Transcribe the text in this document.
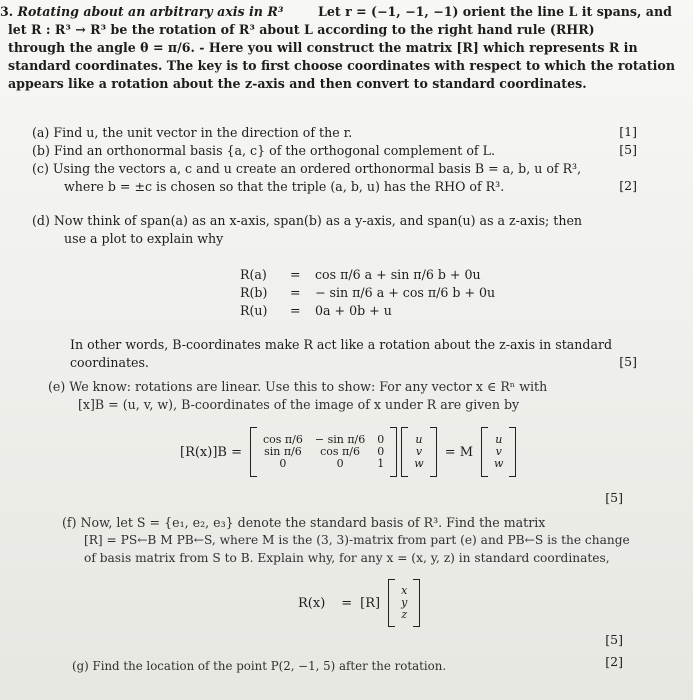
3. Rotating about an arbitrary axis in R³	Let r = (−1, −1, −1) orient the line L it spans, and
let R : R³ → R³ be the rotation of R³ about L according to the right hand rule (RHR)
through the angle θ = π/6. - Here you will construct the matrix [R] which represents R in
standard coordinates. The key is to first choose coordinates with respect to which the rotation
appears like a rotation about the z-axis and then convert to standard coordinates.
(a) Find u, the unit vector in the direction of the r.	[1]
(b) Find an orthonormal basis {a, c} of the orthogonal complement of L.	[5]
(c) Using the vectors a, c and u create an ordered orthonormal basis B = a, b, u of R³,
where b = ±c is chosen so that the triple (a, b, u) has the RHO of R³.	[2]
(d) Now think of span(a) as an x-axis, span(b) as a y-axis, and span(u) as a z-axis; then
use a plot to explain why
R(a) = cos π/6 a + sin π/6 b + 0u
R(b) = − sin π/6 a + cos π/6 b + 0u
R(u) = 0a + 0b + u
In other words, B-coordinates make R act like a rotation about the z-axis in standard
coordinates.	[5]
(e) We know: rotations are linear. Use this to show: For any vector x ∈ Rⁿ with
[x]B = (u, v, w), B-coordinates of the image of x under R are given by
[R(x)]B =
cos π/6	− sin π/6	0
sin π/6	cos π/6	0
0	0	1
u
v
w
= M
u
v
w
[5]
(f) Now, let S = {e₁, e₂, e₃} denote the standard basis of R³. Find the matrix
[R] = PS←B M PB←S, where M is the (3, 3)-matrix from part (e) and PB←S is the change
of basis matrix from S to B. Explain why, for any x = (x, y, z) in standard coordinates,
R(x)	= [R]
x
y
z
[5]
(g) Find the location of the point P(2, −1, 5) after the rotation.	[2]
